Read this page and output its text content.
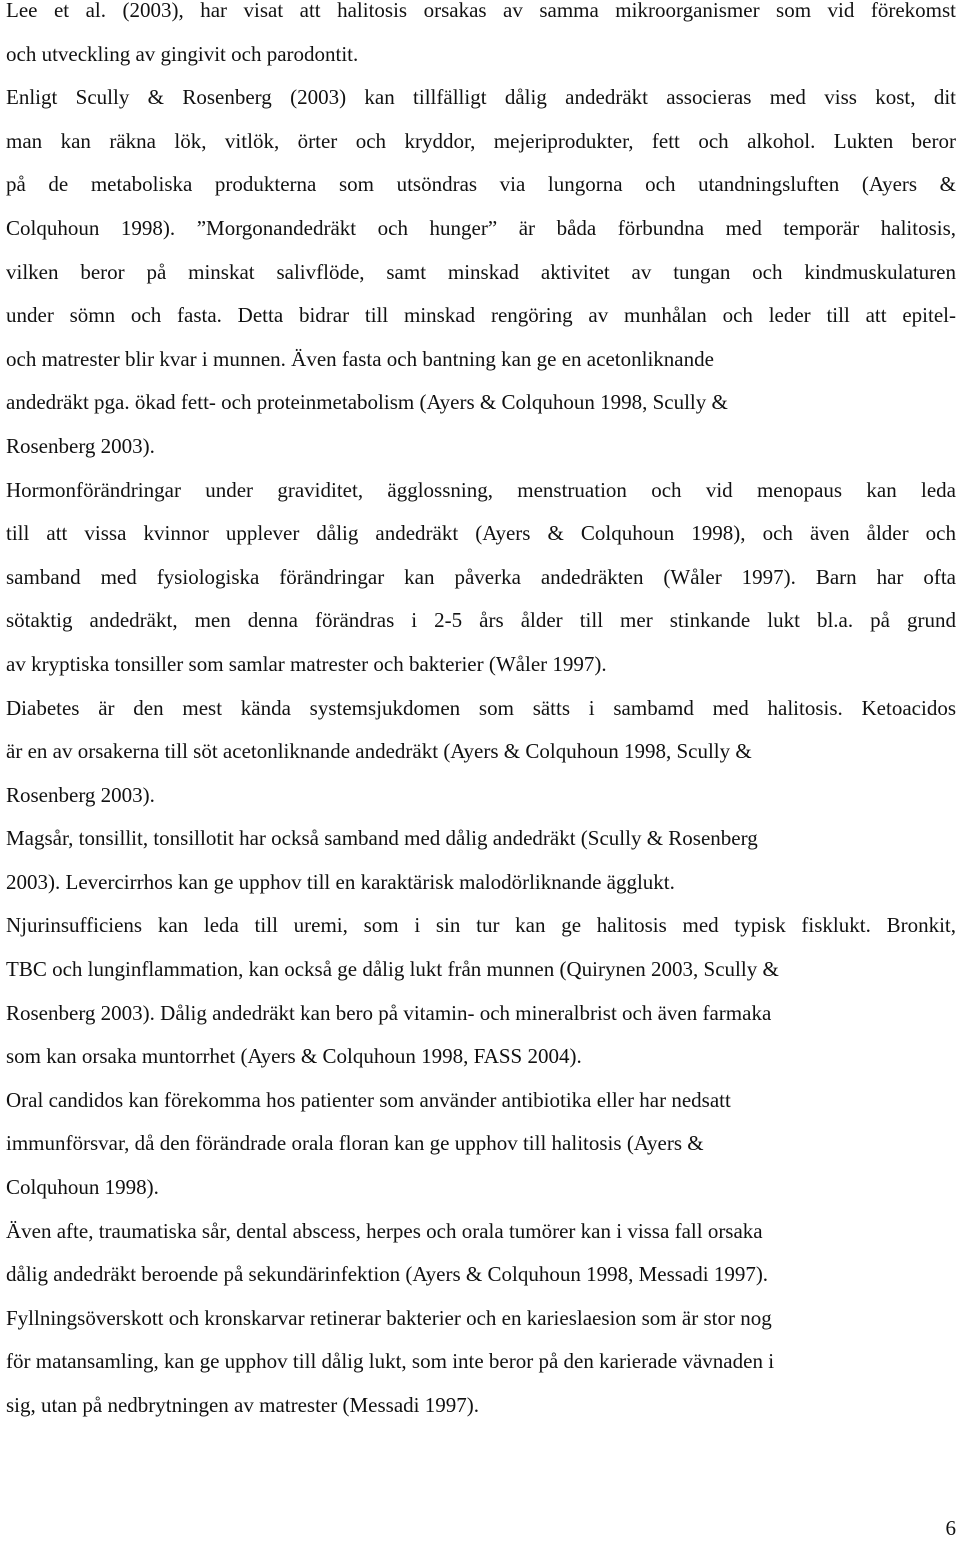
Lee et al. (2003), har visat att halitosis orsakas av samma mikroorganismer som vid förekomst
och utveckling av gingivit och parodontit.
Enligt Scully & Rosenberg (2003) kan tillfälligt dålig andedräkt associeras med viss kost, dit
man kan räkna lök, vitlök, örter och kryddor, mejeriprodukter, fett och alkohol. Lukten beror
på de metaboliska produkterna som utsöndras via lungorna och utandningsluften (Ayers &
Colquhoun 1998). ”Morgonandedräkt och hunger” är båda förbundna med temporär halitosis,
vilken beror på minskat salivflöde, samt minskad aktivitet av tungan och kindmuskulaturen
under sömn och fasta. Detta bidrar till minskad rengöring av munhålan och leder till att epitel-
och matrester blir kvar i munnen. Även fasta och bantning kan ge en acetonliknande
andedräkt pga. ökad fett- och proteinmetabolism (Ayers & Colquhoun 1998, Scully &
Rosenberg 2003).
Hormonförändringar under graviditet, ägglossning, menstruation och vid menopaus kan leda
till att vissa kvinnor upplever dålig andedräkt (Ayers & Colquhoun 1998), och även ålder och
samband med fysiologiska förändringar kan påverka andedräkten (Wåler 1997). Barn har ofta
sötaktig andedräkt, men denna förändras i 2-5 års ålder till mer stinkande lukt bl.a. på grund
av kryptiska tonsiller som samlar matrester och bakterier (Wåler 1997).
Diabetes är den mest kända systemsjukdomen som sätts i sambamd med halitosis. Ketoacidos
är en av orsakerna till söt acetonliknande andedräkt (Ayers & Colquhoun 1998, Scully &
Rosenberg 2003).
Magsår, tonsillit, tonsillotit har också samband med dålig andedräkt (Scully & Rosenberg
2003). Levercirrhos kan ge upphov till en karaktärisk malodörliknande ägglukt.
Njurinsufficiens kan leda till uremi, som i sin tur kan ge halitosis med typisk fisklukt. Bronkit,
TBC och lunginflammation, kan också ge dålig lukt från munnen (Quirynen 2003, Scully &
Rosenberg 2003). Dålig andedräkt kan bero på vitamin- och mineralbrist och även farmaka
som kan orsaka muntorrhet (Ayers & Colquhoun 1998, FASS 2004).
Oral candidos kan förekomma hos patienter som använder antibiotika eller har nedsatt
immunförsvar, då den förändrade orala floran kan ge upphov till halitosis (Ayers &
Colquhoun 1998).
Även afte, traumatiska sår, dental abscess, herpes och orala tumörer kan i vissa fall orsaka
dålig andedräkt beroende på sekundärinfektion (Ayers & Colquhoun 1998, Messadi 1997).
Fyllningsöverskott och kronskarvar retinerar bakterier och en karieslaesion som är stor nog
för matansamling, kan ge upphov till dålig lukt, som inte beror på den karierade vävnaden i
sig, utan på nedbrytningen av matrester (Messadi 1997).
6
